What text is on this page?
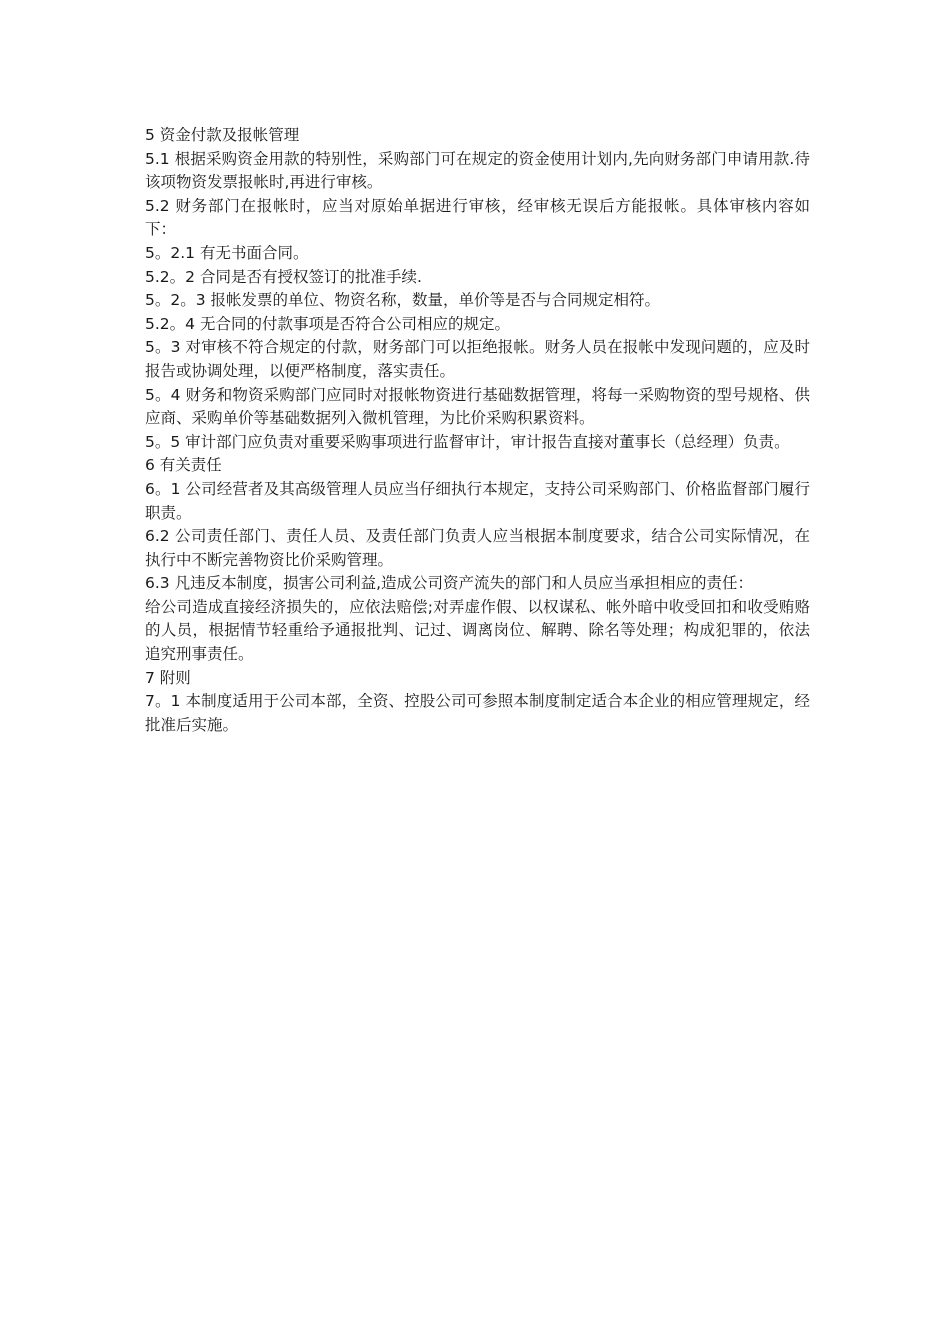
5 资金付款及报帐管理

5.1 根据采购资金用款的特别性，采购部门可在规定的资金使用计划内,先向财务部门申请用款.待该项物资发票报帐时,再进行审核。

5.2 财务部门在报帐时，应当对原始单据进行审核，经审核无误后方能报帐。具体审核内容如下：

5。2.1 有无书面合同。

5.2。2 合同是否有授权签订的批准手续.

5。2。3 报帐发票的单位、物资名称，数量，单价等是否与合同规定相符。

5.2。4 无合同的付款事项是否符合公司相应的规定。

5。3 对审核不符合规定的付款，财务部门可以拒绝报帐。财务人员在报帐中发现问题的，应及时报告或协调处理，以便严格制度，落实责任。

5。4 财务和物资采购部门应同时对报帐物资进行基础数据管理，将每一采购物资的型号规格、供应商、采购单价等基础数据列入微机管理，为比价采购积累资料。

5。5 审计部门应负责对重要采购事项进行监督审计，审计报告直接对董事长（总经理）负责。

6 有关责任

6。1 公司经营者及其高级管理人员应当仔细执行本规定，支持公司采购部门、价格监督部门履行职责。

6.2 公司责任部门、责任人员、及责任部门负责人应当根据本制度要求，结合公司实际情况，在执行中不断完善物资比价采购管理。

6.3 凡违反本制度，损害公司利益,造成公司资产流失的部门和人员应当承担相应的责任：

给公司造成直接经济损失的，应依法赔偿;对弄虚作假、以权谋私、帐外暗中收受回扣和收受贿赂的人员，根据情节轻重给予通报批判、记过、调离岗位、解聘、除名等处理；构成犯罪的，依法追究刑事责任。

7 附则

7。1 本制度适用于公司本部，全资、控股公司可参照本制度制定适合本企业的相应管理规定，经批准后实施。
